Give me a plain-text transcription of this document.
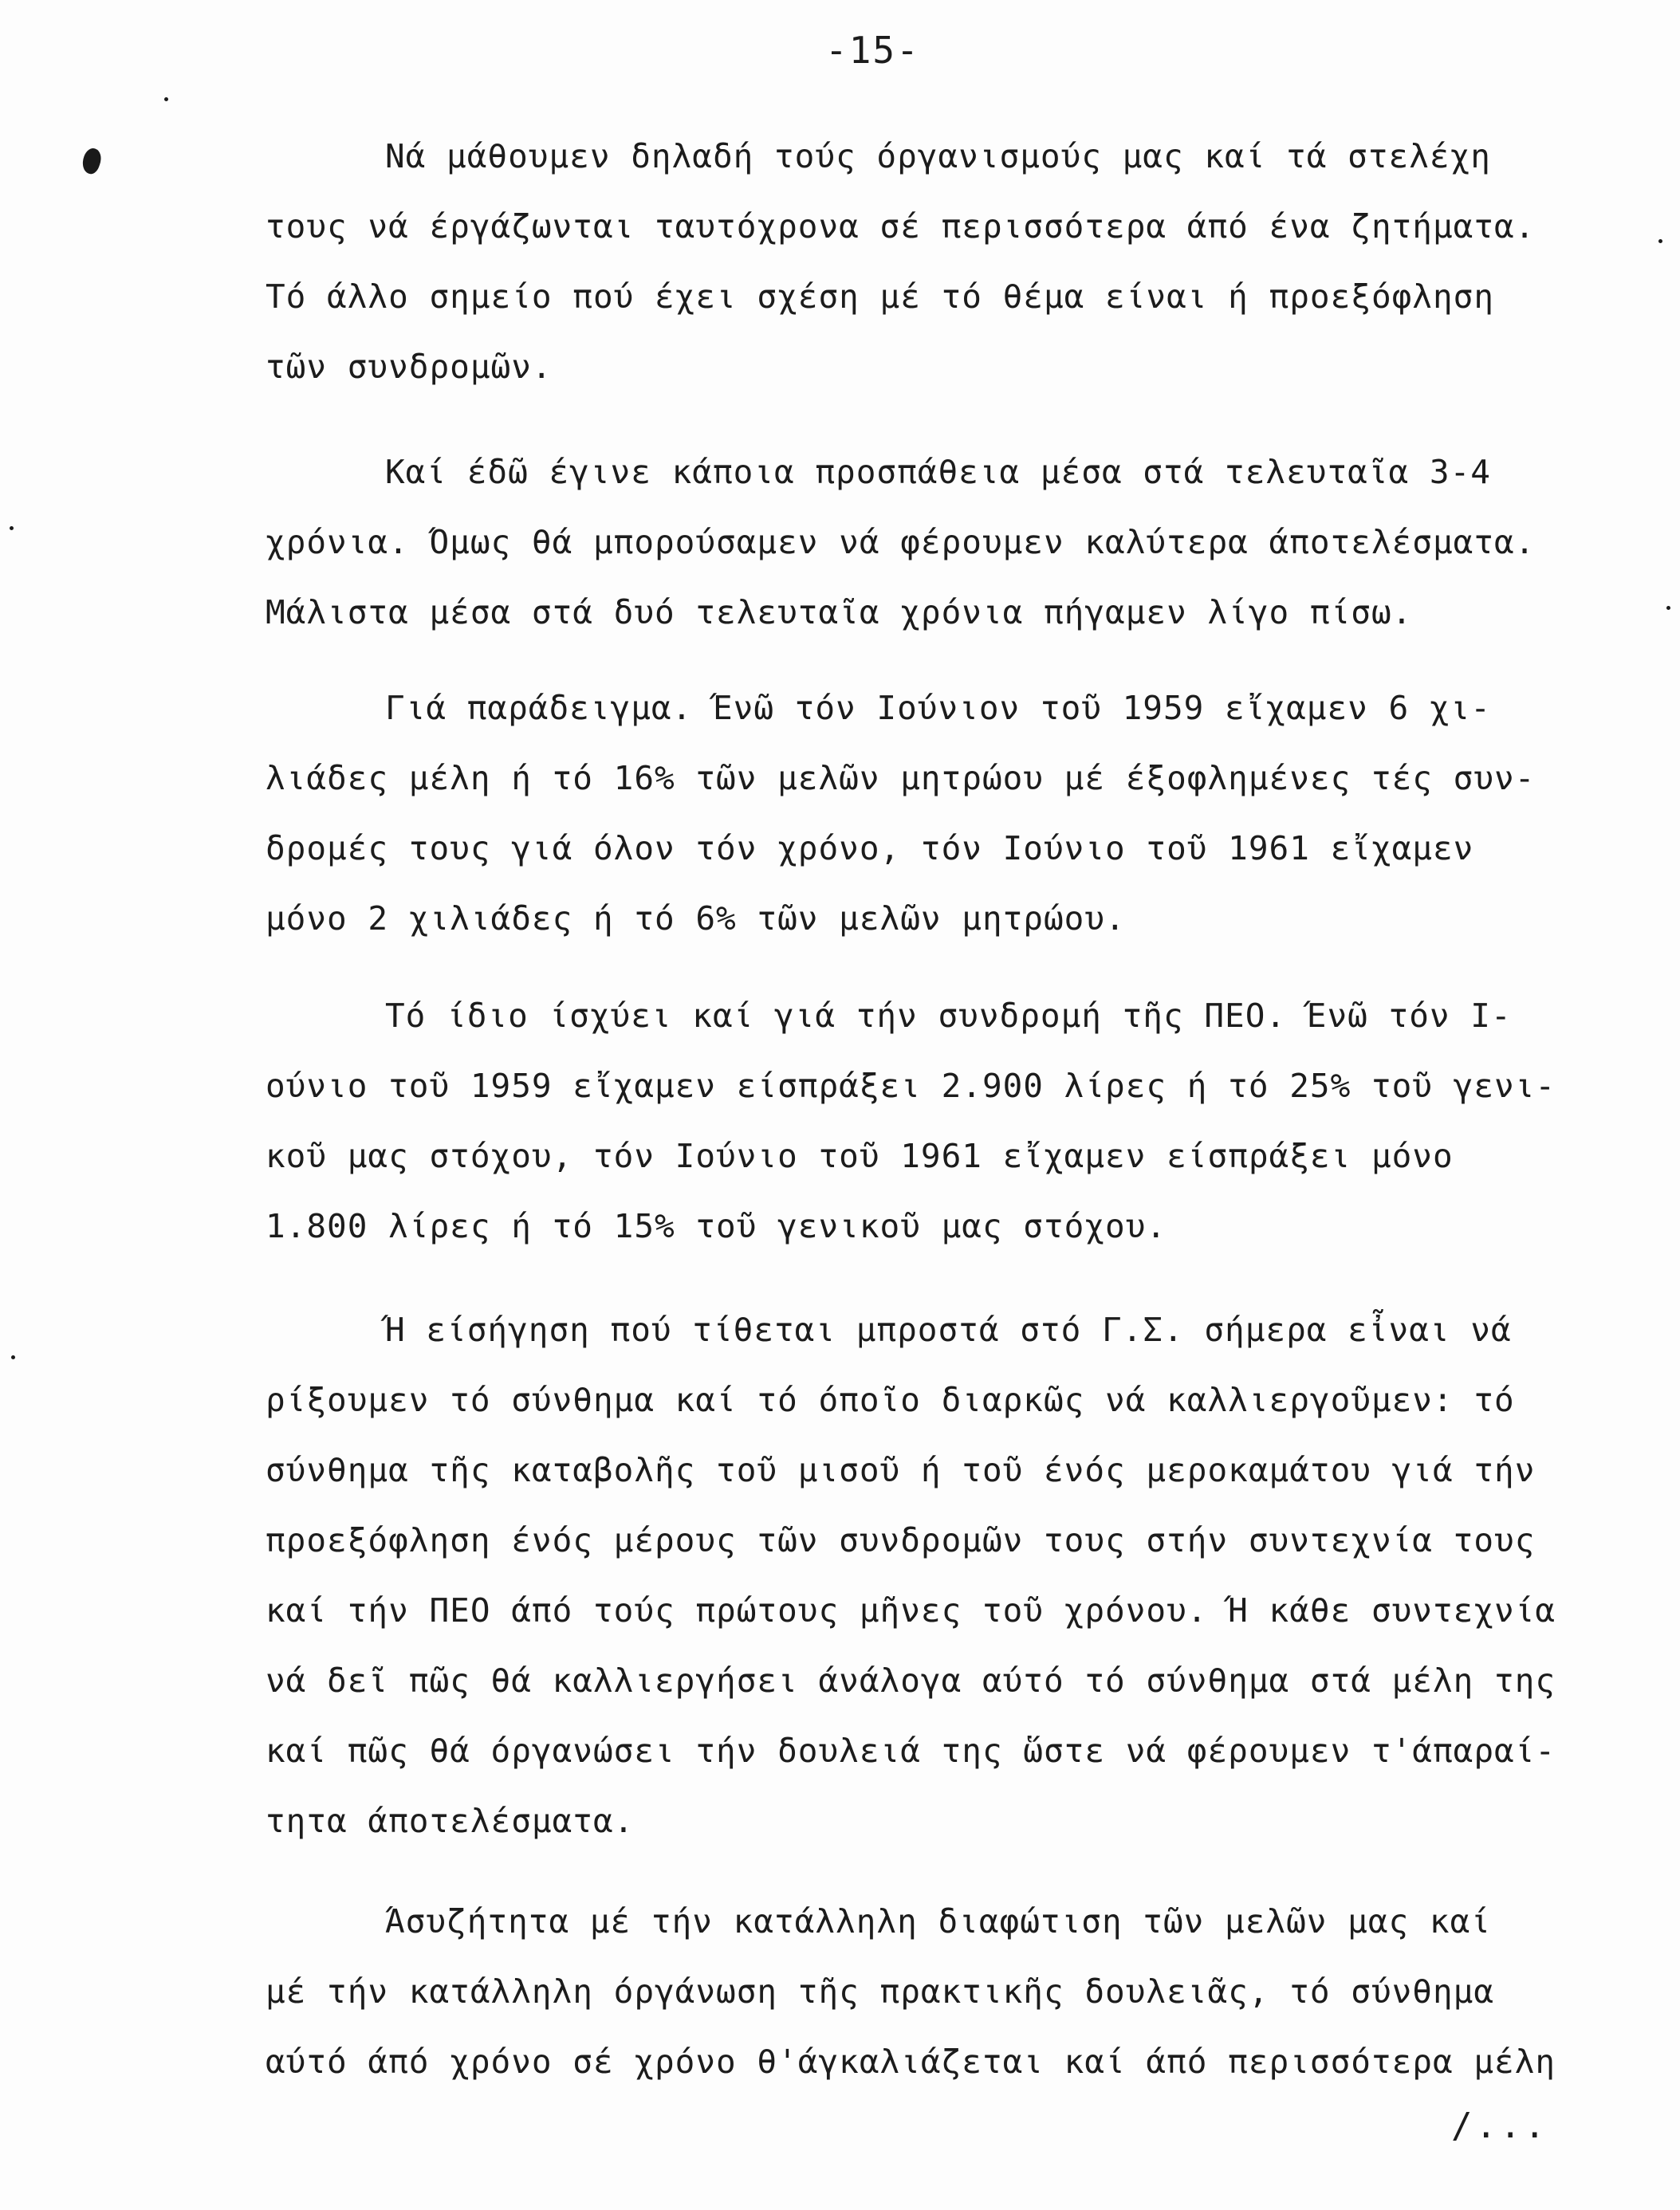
-15-
Νά μάθουμεν δηλαδή τούς όργανισμούς μας καί τά στελέχη
τους νά έργάζωνται ταυτόχρονα σέ περισσότερα άπό ένα ζητήματα.
Τό άλλο σημείο πού έχει σχέση μέ τό θέμα είναι ή προεξόφληση
τῶν συνδρομῶν.
Καί έδῶ έγινε κάποια προσπάθεια μέσα στά τελευταῖα 3-4
χρόνια. Όμως θά μπορούσαμεν νά φέρουμεν καλύτερα άποτελέσματα.
Μάλιστα μέσα στά δυό τελευταῖα χρόνια πήγαμεν λίγο πίσω.
Γιά παράδειγμα. Ένῶ τόν Ιούνιον τοῦ 1959 εἴχαμεν 6 χι-
λιάδες μέλη ή τό 16% τῶν μελῶν μητρώου μέ έξοφλημένες τές συν-
δρομές τους γιά όλον τόν χρόνο, τόν Ιούνιο τοῦ 1961 εἴχαμεν
μόνο 2 χιλιάδες ή τό 6% τῶν μελῶν μητρώου.
Τό ίδιο ίσχύει καί γιά τήν συνδρομή τῆς ΠΕΟ. Ένῶ τόν Ι-
ούνιο τοῦ 1959 εἴχαμεν είσπράξει 2.900 λίρες ή τό 25% τοῦ γενι-
κοῦ μας στόχου, τόν Ιούνιο τοῦ 1961 εἴχαμεν είσπράξει μόνο
1.800 λίρες ή τό 15% τοῦ γενικοῦ μας στόχου.
Ή είσήγηση πού τίθεται μπροστά στό Γ.Σ. σήμερα εἶναι νά
ρίξουμεν τό σύνθημα καί τό όποῖο διαρκῶς νά καλλιεργοῦμεν: τό
σύνθημα τῆς καταβολῆς τοῦ μισοῦ ή τοῦ ένός μεροκαμάτου γιά τήν
προεξόφληση ένός μέρους τῶν συνδρομῶν τους στήν συντεχνία τους
καί τήν ΠΕΟ άπό τούς πρώτους μῆνες τοῦ χρόνου. Ή κάθε συντεχνία
νά δεῖ πῶς θά καλλιεργήσει άνάλογα αύτό τό σύνθημα στά μέλη της
καί πῶς θά όργανώσει τήν δουλειά της ὥστε νά φέρουμεν τ'άπαραί-
τητα άποτελέσματα.
Άσυζήτητα μέ τήν κατάλληλη διαφώτιση τῶν μελῶν μας καί
μέ τήν κατάλληλη όργάνωση τῆς πρακτικῆς δουλειᾶς, τό σύνθημα
αύτό άπό χρόνο σέ χρόνο θ'άγκαλιάζεται καί άπό περισσότερα μέλη
/...
